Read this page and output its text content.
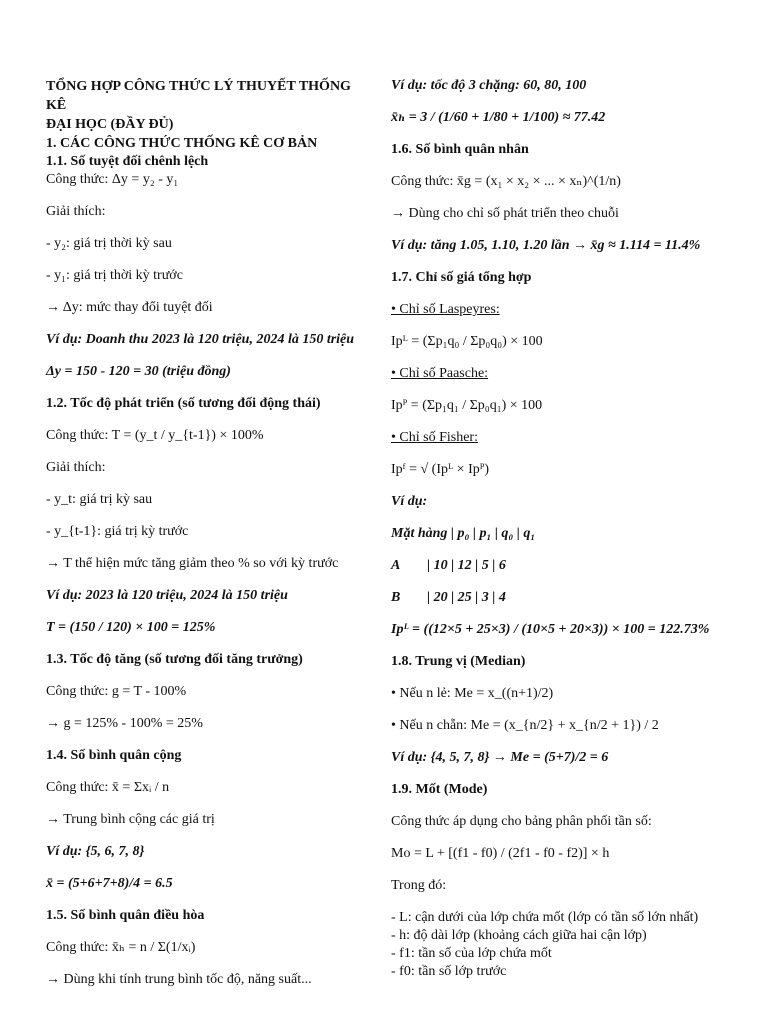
TỔNG HỢP CÔNG THỨC LÝ THUYẾT THỐNG KÊ

ĐẠI HỌC (ĐẦY ĐỦ)

1. CÁC CÔNG THỨC THỐNG KÊ CƠ BẢN

1.1. Số tuyệt đối chênh lệch

Công thức: Δy = y₂ - y₁

Giải thích:

- y₂: giá trị thời kỳ sau

- y₁: giá trị thời kỳ trước

→ Δy: mức thay đổi tuyệt đối

Ví dụ: Doanh thu 2023 là 120 triệu, 2024 là 150 triệu

Δy = 150 - 120 = 30 (triệu đồng)

1.2. Tốc độ phát triển (số tương đối động thái)

Công thức: T = (y_t / y_{t-1}) × 100%

Giải thích:

- y_t: giá trị kỳ sau

- y_{t-1}: giá trị kỳ trước

→ T thể hiện mức tăng giảm theo % so với kỳ trước

Ví dụ: 2023 là 120 triệu, 2024 là 150 triệu

T = (150 / 120) × 100 = 125%

1.3. Tốc độ tăng (số tương đối tăng trưởng)

Công thức: g = T - 100%

→ g = 125% - 100% = 25%

1.4. Số bình quân cộng

Công thức: x̄ = Σxᵢ / n

→ Trung bình cộng các giá trị

Ví dụ: {5, 6, 7, 8}

x̄ = (5+6+7+8)/4 = 6.5

1.5. Số bình quân điều hòa

Công thức: x̄ₕ = n / Σ(1/xᵢ)

→ Dùng khi tính trung bình tốc độ, năng suất...

Ví dụ: tốc độ 3 chặng: 60, 80, 100

x̄ₕ = 3 / (1/60 + 1/80 + 1/100) ≈ 77.42

1.6. Số bình quân nhân

Công thức: x̄g = (x₁ × x₂ × ... × xₙ)^(1/n)

→ Dùng cho chỉ số phát triển theo chuỗi

Ví dụ: tăng 1.05, 1.10, 1.20 lần → x̄g ≈ 1.114 = 11.4%

1.7. Chỉ số giá tổng hợp

• Chỉ số Laspeyres:

Ipᴸ = (Σp₁q₀ / Σp₀q₀) × 100

• Chỉ số Paasche:

Ipᴾ = (Σp₁q₁ / Σp₀q₁) × 100

• Chỉ số Fisher:

Ipᶠ = √ (Ipᴸ × Ipᴾ)

Ví dụ:

Mặt hàng | p₀ | p₁ | q₀ | q₁

A | 10 | 12 | 5 | 6

B | 20 | 25 | 3 | 4

Ipᴸ = ((12×5 + 25×3) / (10×5 + 20×3)) × 100 = 122.73%

1.8. Trung vị (Median)

• Nếu n lẻ: Me = x_((n+1)/2)

• Nếu n chẵn: Me = (x_{n/2} + x_{n/2 + 1}) / 2

Ví dụ: {4, 5, 7, 8} → Me = (5+7)/2 = 6

1.9. Mốt (Mode)

Công thức áp dụng cho bảng phân phối tần số:

Mo = L + [(f1 - f0) / (2f1 - f0 - f2)] × h

Trong đó:

- L: cận dưới của lớp chứa mốt (lớp có tần số lớn nhất)

- h: độ dài lớp (khoảng cách giữa hai cận lớp)

- f1: tần số của lớp chứa mốt

- f0: tần số lớp trước
